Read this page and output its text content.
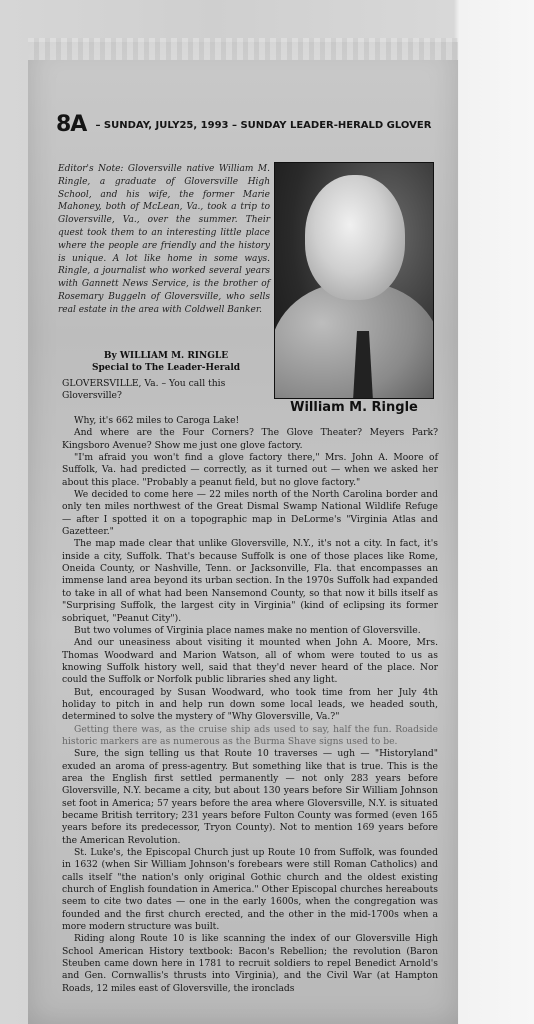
8A – SUNDAY, JULY25, 1993 – SUNDAY LEADER-HERALD GLOVER
Editor's Note: Gloversville native William M. Ringle, a graduate of Gloversville High School, and his wife, the former Marie Mahoney, both of McLean, Va., took a trip to Gloversville, Va., over the summer. Their quest took them to an interesting little place where the people are friendly and the history is unique. A lot like home in some ways. Ringle, a journalist who worked several years with Gannett News Service, is the brother of Rosemary Buggeln of Gloversville, who sells real estate in the area with Coldwell Banker.
William M. Ringle
By WILLIAM M. RINGLE
Special to The Leader-Herald
GLOVERSVILLE, Va. – You call this Gloversville?

Why, it's 662 miles to Caroga Lake!

And where are the Four Corners? The Glove Theater? Meyers Park? Kingsboro Avenue? Show me just one glove factory.

"I'm afraid you won't find a glove factory there," Mrs. John A. Moore of Suffolk, Va. had predicted — correctly, as it turned out — when we asked her about this place. "Probably a peanut field, but no glove factory."

We decided to come here — 22 miles north of the North Carolina border and only ten miles northwest of the Great Dismal Swamp National Wildlife Refuge — after I spotted it on a topographic map in DeLorme's "Virginia Atlas and Gazetteer."

The map made clear that unlike Gloversville, N.Y., it's not a city. In fact, it's inside a city, Suffolk. That's because Suffolk is one of those places like Rome, Oneida County, or Nashville, Tenn. or Jacksonville, Fla. that encompasses an immense land area beyond its urban section. In the 1970s Suffolk had expanded to take in all of what had been Nansemond County, so that now it bills itself as "Surprising Suffolk, the largest city in Virginia" (kind of eclipsing its former sobriquet, "Peanut City").

But two volumes of Virginia place names make no mention of Gloversville.

And our uneasiness about visiting it mounted when John A. Moore, Mrs. Thomas Woodward and Marion Watson, all of whom were touted to us as knowing Suffolk history well, said that they'd never heard of the place. Nor could the Suffolk or Norfolk public libraries shed any light.

But, encouraged by Susan Woodward, who took time from her July 4th holiday to pitch in and help run down some local leads, we headed south, determined to solve the mystery of "Why Gloversville, Va.?"

Getting there was, as the cruise ship ads used to say, half the fun. Roadside historic markers are as numerous as the Burma Shave signs used to be.

Sure, the sign telling us that Route 10 traverses — ugh — "Historyland" exuded an aroma of press-agentry. But something like that is true. This is the area the English first settled permanently — not only 283 years before Gloversville, N.Y. became a city, but about 130 years before Sir William Johnson set foot in America; 57 years before the area where Gloversville, N.Y. is situated became British territory; 231 years before Fulton County was formed (even 165 years before its predecessor, Tryon County). Not to mention 169 years before the American Revolution.

St. Luke's, the Episcopal Church just up Route 10 from Suffolk, was founded in 1632 (when Sir William Johnson's forebears were still Roman Catholics) and calls itself "the nation's only original Gothic church and the oldest existing church of English foundation in America." Other Episcopal churches hereabouts seem to cite two dates — one in the early 1600s, when the congregation was founded and the first church erected, and the other in the mid-1700s when a more modern structure was built.

Riding along Route 10 is like scanning the index of our Gloversville High School American History textbook: Bacon's Rebellion; the revolution (Baron Steuben came down here in 1781 to recruit soldiers to repel Benedict Arnold's and Gen. Cornwallis's thrusts into Virginia), and the Civil War (at Hampton Roads, 12 miles east of Gloversville, the ironclads
